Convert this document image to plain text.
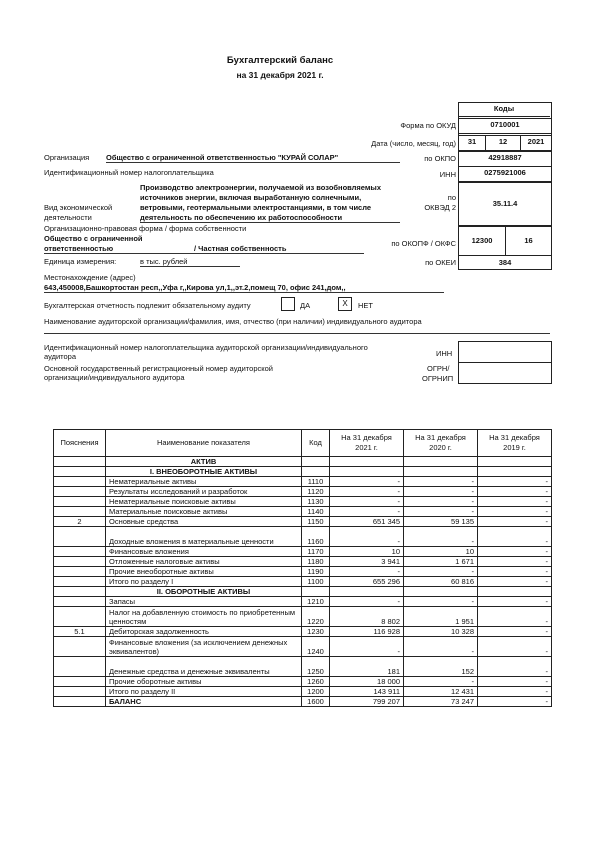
Бухгалтерский баланс
на 31 декабря 2021 г.
Коды
Форма по ОКУД	0710001
Дата (число, месяц, год)	31	12	2021
по ОКПО	42918887
ИНН	0275921006
по
ОКВЭД 2	35.11.4
по ОКОПФ / ОКФС	12300	16
по ОКЕИ	384
Организация Общество с ограниченной ответственностью "КУРАЙ СОЛАР"
Идентификационный номер налогоплательщика
Вид экономической
деятельности
Производство электроэнергии, получаемой из возобновляемых
источников энергии, включая выработанную солнечными,
ветровыми, геотермальными электростанциями, в том числе
деятельность по обеспечению их работоспособности
Организационно-правовая форма / форма собственности
Общество с ограниченной
ответственностью	/ Частная собственность
Единица измерения:	в тыс. рублей
Местонахождение (адрес)
643,450008,Башкортостан респ,,Уфа г,,Кирова ул,1,,эт.2,помещ 70, офис 241,дом,,
Бухгалтерская отчетность подлежит обязательному аудиту	ДА	X	НЕТ
Наименование аудиторской организации/фамилия, имя, отчество (при наличии) индивидуального аудитора
Идентификационный номер налогоплательщика аудиторской организации/индивидуального
аудитора	ИНН
Основной государственный регистрационный номер аудиторской
организации/индивидуального аудитора
ОГРН/
ОГРНИП
Пояснения	Наименование показателя	Код	На 31 декабря 2021 г.	На 31 декабря 2020 г.	На 31 декабря 2019 г.
	АКТИВ				
	I. ВНЕОБОРОТНЫЕ АКТИВЫ				
	Нематериальные активы	1110	-	-	-
	Результаты исследований и разработок	1120	-	-	-
	Нематериальные поисковые активы	1130	-	-	-
	Материальные поисковые активы	1140	-	-	-
2	Основные средства	1150	651 345	59 135	-
	Доходные вложения в материальные ценности	1160	-	-	-
	Финансовые вложения	1170	10	10	-
	Отложенные налоговые активы	1180	3 941	1 671	-
	Прочие внеоборотные активы	1190	-	-	-
	Итого по разделу I	1100	655 296	60 816	-
	II. ОБОРОТНЫЕ АКТИВЫ				
	Запасы	1210	-	-	-
	Налог на добавленную стоимость по приобретенным ценностям	1220	8 802	1 951	-
5.1	Дебиторская задолженность	1230	116 928	10 328	-
	Финансовые вложения (за исключением денежных эквивалентов)	1240	-	-	-
	Денежные средства и денежные эквиваленты	1250	181	152	-
	Прочие оборотные активы	1260	18 000	-	-
	Итого по разделу II	1200	143 911	12 431	-
	БАЛАНС	1600	799 207	73 247	-
